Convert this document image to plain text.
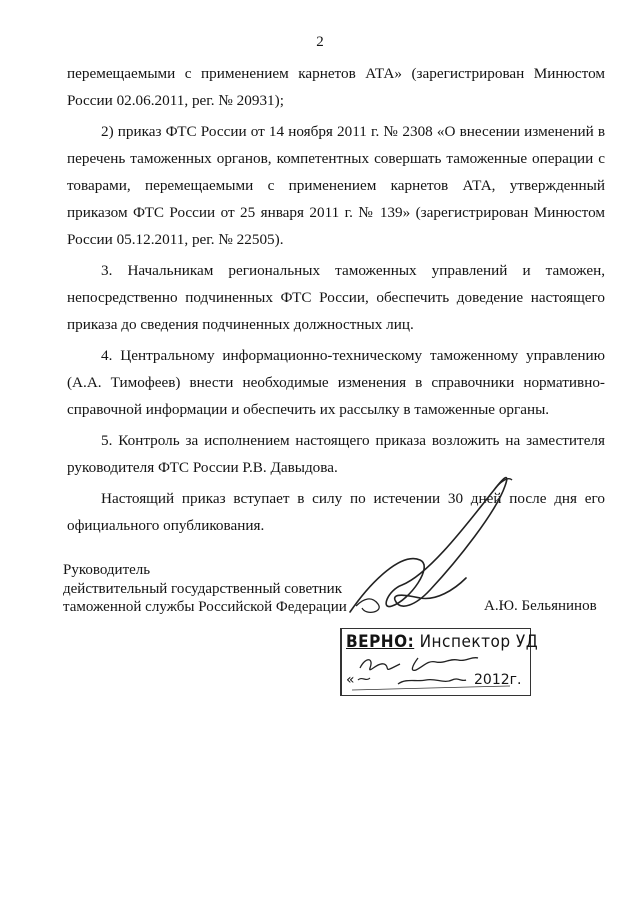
2

перемещаемыми с применением карнетов АТА» (зарегистрирован Минюстом России 02.06.2011, рег. № 20931);

2) приказ ФТС России от 14 ноября 2011 г. № 2308 «О внесении изменений в перечень таможенных органов, компетентных совершать таможенные операции с товарами, перемещаемыми с применением карнетов АТА, утвержденный приказом ФТС России от 25 января 2011 г. № 139» (зарегистрирован Минюстом России 05.12.2011, рег. № 22505).

3. Начальникам региональных таможенных управлений и таможен, непосредственно подчиненных ФТС России, обеспечить доведение настоящего приказа до сведения подчиненных должностных лиц.

4. Центральному информационно-техническому таможенному управлению (А.А. Тимофеев) внести необходимые изменения в справочники нормативно-справочной информации и обеспечить их рассылку в таможенные органы.

5. Контроль за исполнением настоящего приказа возложить на заместителя руководителя ФТС России Р.В. Давыдова.

Настоящий приказ вступает в силу по истечении 30 дней после дня его официального опубликования.

Руководитель
действительный государственный советник
таможенной службы Российской Федерации	А.Ю. Бельянинов
ВЕРНО: Инспектор УД
«	2012г.
